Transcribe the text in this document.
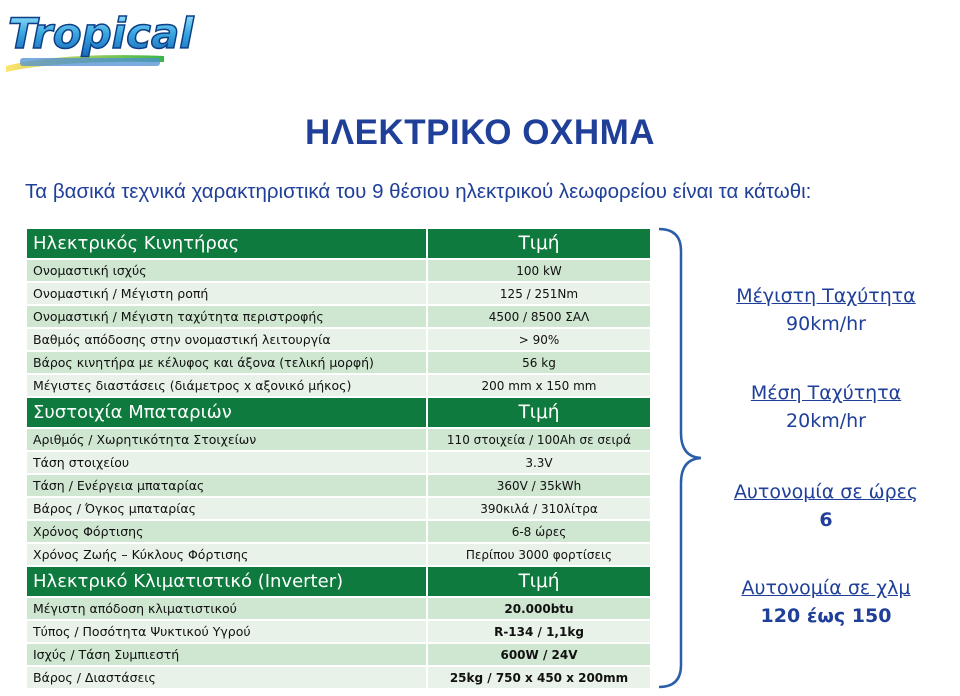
Tropical
ΗΛΕΚΤΡΙΚΟ ΟΧΗΜΑ
Τα βασικά τεχνικά χαρακτηριστικά του 9 θέσιου ηλεκτρικού λεωφορείου είναι τα κάτωθι:
Ηλεκτρικός Κινητήρας	Τιμή
Ονομαστική ισχύς	100 kW
Ονομαστική / Μέγιστη ροπή	125 / 251Nm
Ονομαστική / Μέγιστη ταχύτητα περιστροφής	4500 / 8500 ΣΑΛ
Βαθμός απόδοσης στην ονομαστική λειτουργία	> 90%
Βάρος κινητήρα με κέλυφος και άξονα (τελική μορφή)	56 kg
Μέγιστες διαστάσεις (διάμετρος x αξονικό μήκος)	200 mm x 150 mm
Συστοιχία Μπαταριών	Τιμή
Αριθμός / Χωρητικότητα Στοιχείων	110 στοιχεία / 100Ah σε σειρά
Τάση στοιχείου	3.3V
Τάση / Ενέργεια μπαταρίας	360V / 35kWh
Βάρος / Όγκος μπαταρίας	390κιλά / 310λίτρα
Χρόνος Φόρτισης	6-8 ώρες
Χρόνος Ζωής – Κύκλους Φόρτισης	Περίπου 3000 φορτίσεις
Ηλεκτρικό Κλιματιστικό (Inverter)	Τιμή
Μέγιστη απόδοση κλιματιστικού	20.000btu
Τύπος / Ποσότητα Ψυκτικού Υγρού	R-134 / 1,1kg
Ισχύς / Τάση Συμπιεστή	600W / 24V
Βάρος / Διαστάσεις	25kg / 750 x 450 x 200mm
Μέγιστη Ταχύτητα
90km/hr
Μέση Ταχύτητα
20km/hr
Αυτονομία σε ώρες
6
Αυτονομία σε χλμ
120 έως 150
